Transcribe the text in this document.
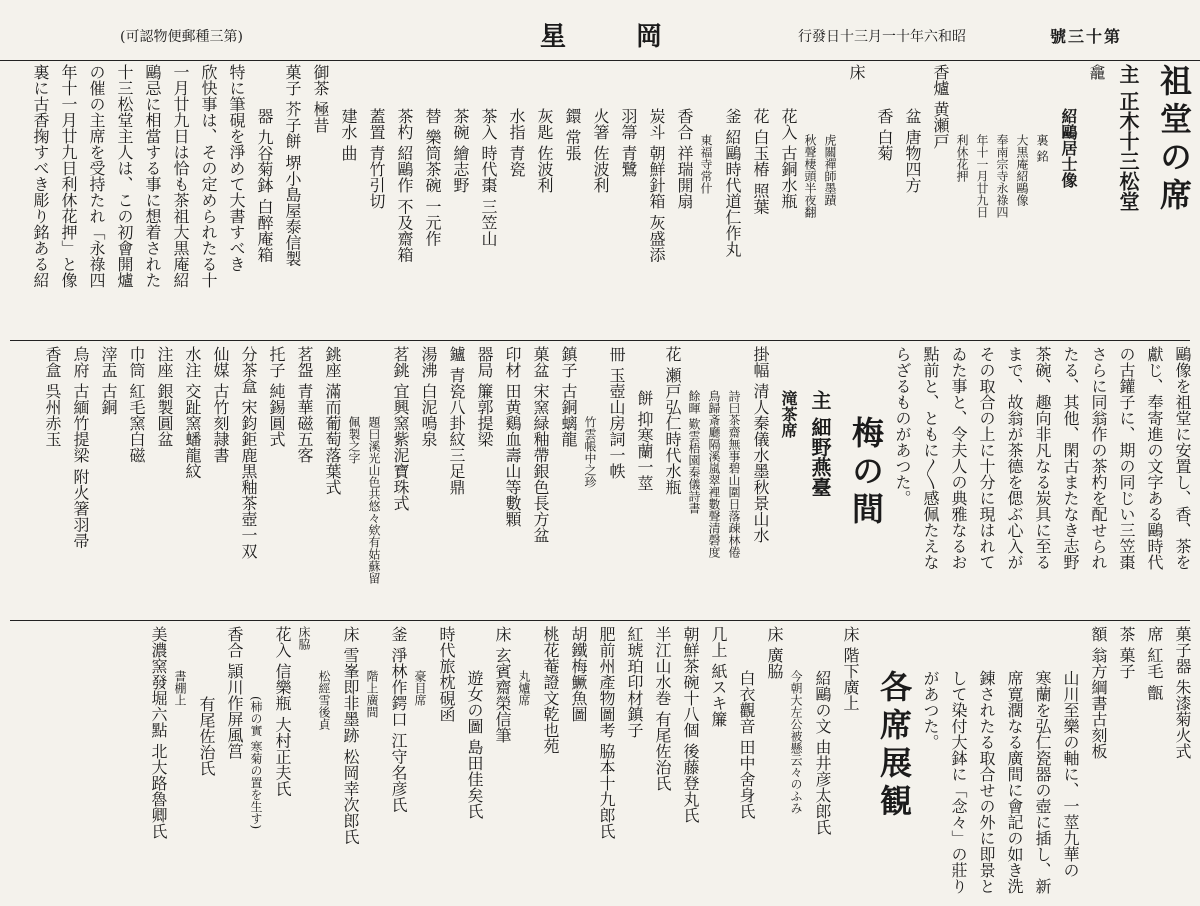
(可認物便郵種三第)	星岡	行發日十三月一十年六和昭	號三十第
祖堂の席
主 正木十三松堂
龕
紹鷗居士像
裏 銘
大黒庵紹鷗像
奉南宗寺永祿四
年十一月廿九日
利休花押
香爐 黄瀬戸
盆 唐物四方
香 白菊
床
虎關禪師墨蹟
秋聲棲頭半夜翻
花入 古銅水瓶
花 白玉椿 照葉
釜 紹鷗時代道仁作丸
東福寺常什
香合 祥瑞開扇
炭斗 朝鮮針箱 灰盛添
羽箒 青鷺
火箸 佐波利
鐶 常張
灰匙 佐波利
水指 青瓷
茶入 時代棗 三笠山
茶碗 繪志野
替 樂筒茶碗 一元作
茶杓 紹鷗作 不及齋箱
蓋置 青竹引切
建水 曲
御茶 極昔
菓子 芥子餅 堺小島屋泰信製
器 九谷菊鉢 白醉庵箱
特に筆硯を淨めて大書すべき
欣快事は、その定められたる十
一月廿九日は恰も茶祖大黒庵紹
鷗忌に相當する事に想着された
十三松堂主人は、この初會開爐
の催の主席を受持たれ「永祿四
年十一月廿九日利休花押」と像
裏に古香掬すべき彫り銘ある紹
鷗像を祖堂に安置し、香、茶を
獻じ、奉寄進の文字ある鷗時代
の古鑵子に、期の同じい三笠棗
さらに同翁作の茶杓を配せられ
たる、其他、閑古またなき志野
茶碗、趣向非凡なる炭具に至る
まで、故翁が茶德を偲ぶ心入が
その取合の上に十分に現はれて
ゐた事と、令夫人の典雅なるお
點前と、ともに〳〵感佩たえな
らざるものがあつた。
梅の間
主 細野燕臺
滝茶席
掛幅 清人秦儀水墨秋景山水
詩曰茶齋無事碧山圍日落疎林倦
鳥歸斎廳隔溪嵐翠裡數聲清磬度
餘暉 歎雲梧園秦儀詩書
花 瀬戸弘仁時代水瓶
餅 抑寒蘭一莖
冊 玉壺山房詞一帙
竹雲帳中之珍
鎮子 古銅螭龍
菓盆 宋窯緑釉帶銀色長方盆
印材 田黄鷄血壽山等數顆
器局 簾郭提梁
鑪 青瓷八卦紋三足鼎
湯沸 白泥鳴泉
茗銚 宜興窯紫泥寶珠式
題曰溪光山色共悠々欸有姑蘇留
佩製之字
銚座 滿而葡萄落葉式
茗盌 青華磁五客
托子 純錫圓式
分茶盒 宋鈞鉅鹿黒釉茶壺一双
仙媒 古竹刻隷書
水注 交趾窯蟠龍紋
注座 銀製圓盆
巾筒 紅毛窯白磁
滓盂 古銅
烏府 古緬竹提梁 附火箸羽帚
香盒 呉州赤玉
菓子器 朱漆菊火式
席 紅毛 甑
茶 菓子
額 翁方綱書古刻板
山川至樂の軸に、一莖九華の
寒蘭を弘仁瓷器の壺に插し、新
席寛濶なる廣間に會記の如き洗
錬されたる取合せの外に即景と
して染付大鉢に「念々」の莊り
があつた。
各席展観
床 階下廣上
紹鷗の文 由井彦太郎氏
今朝大左公被懸云々のふみ
床 廣脇
白衣觀音 田中舍身氏
几上 紙スキ簾
朝鮮茶碗十八個 後藤登丸氏
半江山水巻 有尾佐治氏
紅琥珀印材鎮子
肥前州產物圖考 脇本十九郎氏
胡鐵梅鱖魚圖
桃花菴證文乾也苑
丸爐席
床 玄賓齋榮信筆
遊女の圖 島田佳矣氏
時代旅枕硯函
豪目席
釜 淨林作鍔口 江守名彦氏
階上廣間
床 雪峯即非墨跡 松岡幸次郎氏
松經雪後貞
床脇
花入 信樂瓶 大村正夫氏
(柿の實 寒菊の置を生す)
香合 頴川作屏風筥
有尾佐治氏
書棚上
美濃窯發堀六點 北大路魯卿氏
